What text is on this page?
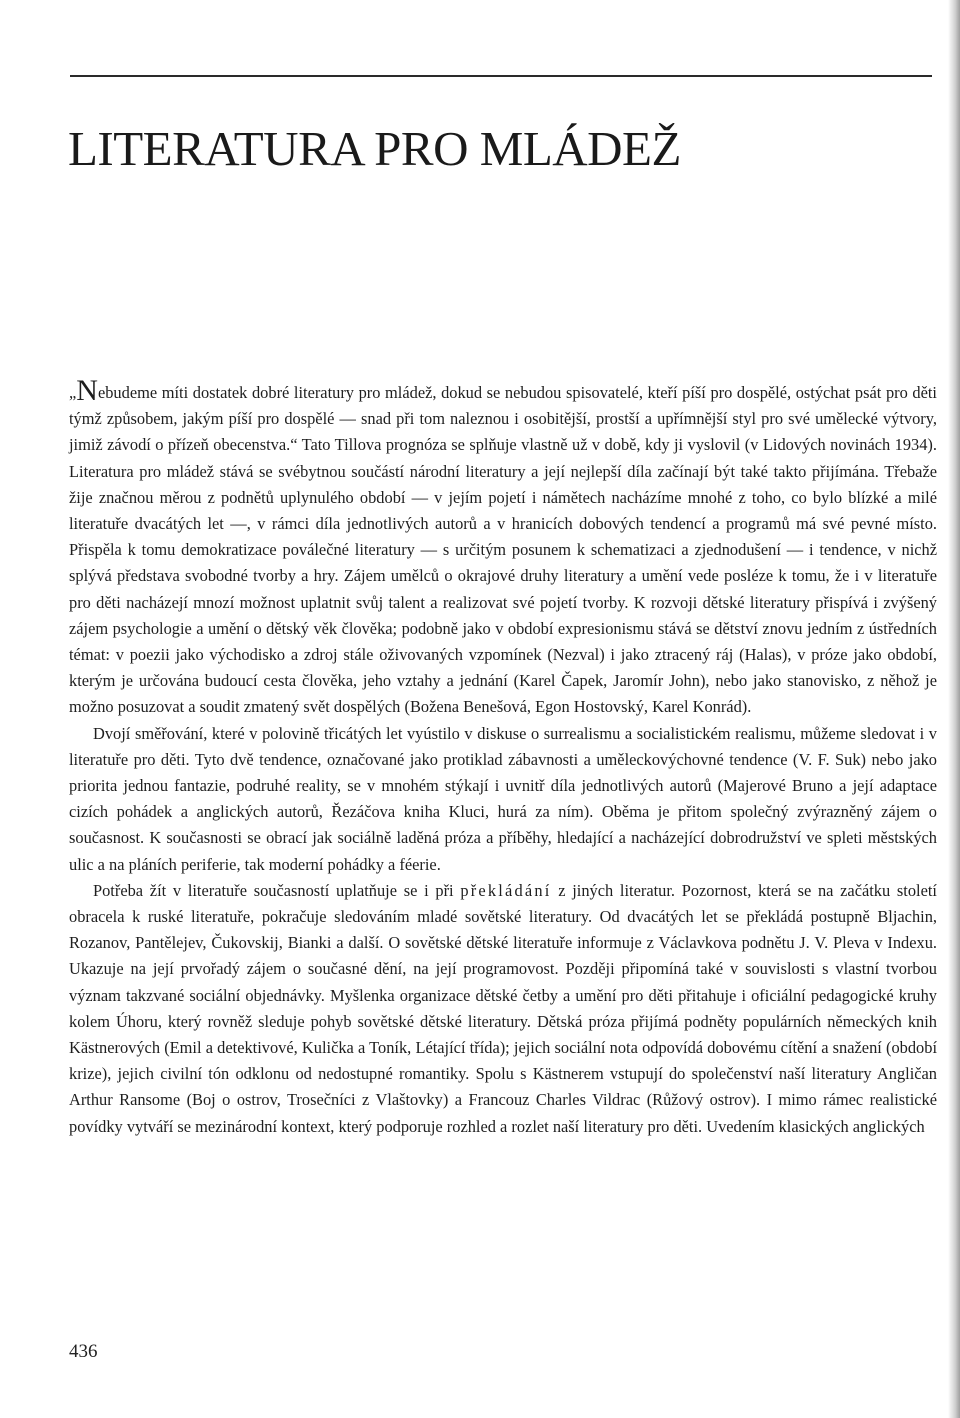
LITERATURA PRO MLÁDEŽ

„Nebudeme míti dostatek dobré literatury pro mládež, dokud se nebudou spisovatelé, kteří píší pro dospělé, ostýchat psát pro děti týmž způsobem, jakým píší pro dospělé — snad při tom naleznou i osobitější, prostší a upřímnější styl pro své umělecké výtvory, jimiž závodí o přízeň obecenstva.“ Tato Tillova prognóza se splňuje vlastně už v době, kdy ji vyslovil (v Lidových novinách 1934). Literatura pro mládež stává se svébytnou součástí národní literatury a její nejlepší díla začínají být také takto přijímána. Třebaže žije značnou měrou z podnětů uplynulého období — v jejím pojetí i námětech nacházíme mnohé z toho, co bylo blízké a milé literatuře dvacátých let —, v rámci díla jednotlivých autorů a v hranicích dobových tendencí a programů má své pevné místo. Přispěla k tomu demokratizace poválečné literatury — s určitým posunem k schematizaci a zjednodušení — i tendence, v nichž splývá představa svobodné tvorby a hry. Zájem umělců o okrajové druhy literatury a umění vede posléze k tomu, že i v literatuře pro děti nacházejí mnozí možnost uplatnit svůj talent a realizovat své pojetí tvorby. K rozvoji dětské literatury přispívá i zvýšený zájem psychologie a umění o dětský věk člověka; podobně jako v období expresionismu stává se dětství znovu jedním z ústředních témat: v poezii jako východisko a zdroj stále oživovaných vzpomínek (Nezval) i jako ztracený ráj (Halas), v próze jako období, kterým je určována budoucí cesta člověka, jeho vztahy a jednání (Karel Čapek, Jaromír John), nebo jako stanovisko, z něhož je možno posuzovat a soudit zmatený svět dospělých (Božena Benešová, Egon Hostovský, Karel Konrád).

Dvojí směřování, které v polovině třicátých let vyústilo v diskuse o surrealismu a socialistickém realismu, můžeme sledovat i v literatuře pro děti. Tyto dvě tendence, označované jako protiklad zábavnosti a uměleckovýchovné tendence (V. F. Suk) nebo jako priorita jednou fantazie, podruhé reality, se v mnohém stýkají i uvnitř díla jednotlivých autorů (Majerové Bruno a její adaptace cizích pohádek a anglických autorů, Řezáčova kniha Kluci, hurá za ním). Oběma je přitom společný zvýrazněný zájem o současnost. K současnosti se obrací jak sociálně laděná próza a příběhy, hledající a nacházející dobrodružství ve spleti městských ulic a na pláních periferie, tak moderní pohádky a féerie.

Potřeba žít v literatuře současností uplatňuje se i při překládání z jiných literatur. Pozornost, která se na začátku století obracela k ruské literatuře, pokračuje sledováním mladé sovětské literatury. Od dvacátých let se překládá postupně Bljachin, Rozanov, Pantělejev, Čukovskij, Bianki a další. O sovětské dětské literatuře informuje z Václavkova podnětu J. V. Pleva v Indexu. Ukazuje na její prvořadý zájem o současné dění, na její programovost. Později připomíná také v souvislosti s vlastní tvorbou význam takzvané sociální objednávky. Myšlenka organizace dětské četby a umění pro děti přitahuje i oficiální pedagogické kruhy kolem Úhoru, který rovněž sleduje pohyb sovětské dětské literatury. Dětská próza přijímá podněty populárních německých knih Kästnerových (Emil a detektivové, Kulička a Toník, Létající třída); jejich sociální nota odpovídá dobovému cítění a snažení (období krize), jejich civilní tón odklonu od nedostupné romantiky. Spolu s Kästnerem vstupují do společenství naší literatury Angličan Arthur Ransome (Boj o ostrov, Trosečníci z Vlaštovky) a Francouz Charles Vildrac (Růžový ostrov). I mimo rámec realistické povídky vytváří se mezinárodní kontext, který podporuje rozhled a rozlet naší literatury pro děti. Uvedením klasických anglických

436
